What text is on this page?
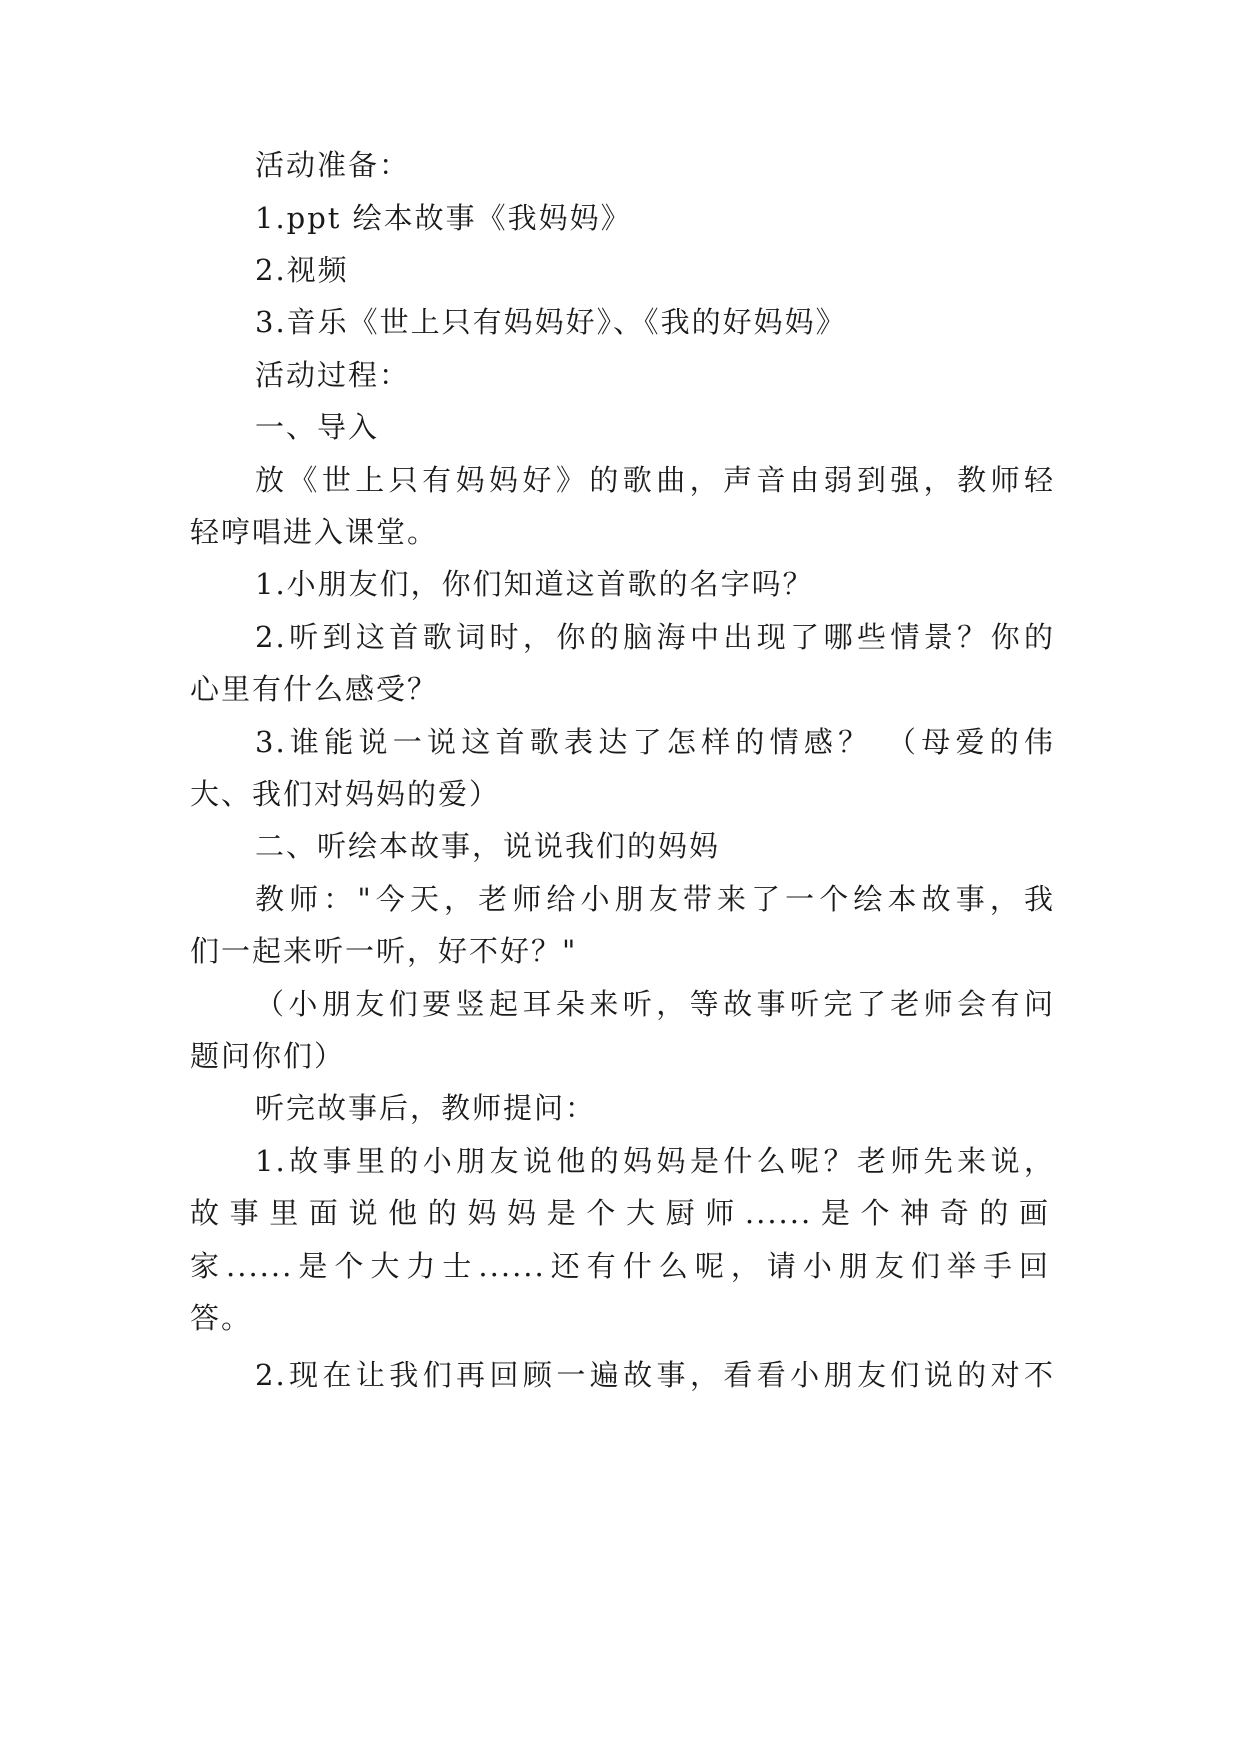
活动准备：
1.ppt 绘本故事《我妈妈》
2.视频
3.音乐《世上只有妈妈好》、《我的好妈妈》
活动过程：
一、导入
放《世上只有妈妈好》的歌曲，声音由弱到强，教师轻
轻哼唱进入课堂。
1.小朋友们，你们知道这首歌的名字吗？
2.听到这首歌词时，你的脑海中出现了哪些情景？你的
心里有什么感受？
3.谁能说一说这首歌表达了怎样的情感？ （母爱的伟
大、我们对妈妈的爱）
二、听绘本故事，说说我们的妈妈
教师："今天，老师给小朋友带来了一个绘本故事，我
们一起来听一听，好不好？"
（小朋友们要竖起耳朵来听，等故事听完了老师会有问
题问你们）
听完故事后，教师提问：
1.故事里的小朋友说他的妈妈是什么呢？老师先来说，
故事里面说他的妈妈是个大厨师......是个神奇的画
家......是个大力士......还有什么呢，请小朋友们举手回
答。
2.现在让我们再回顾一遍故事，看看小朋友们说的对不
